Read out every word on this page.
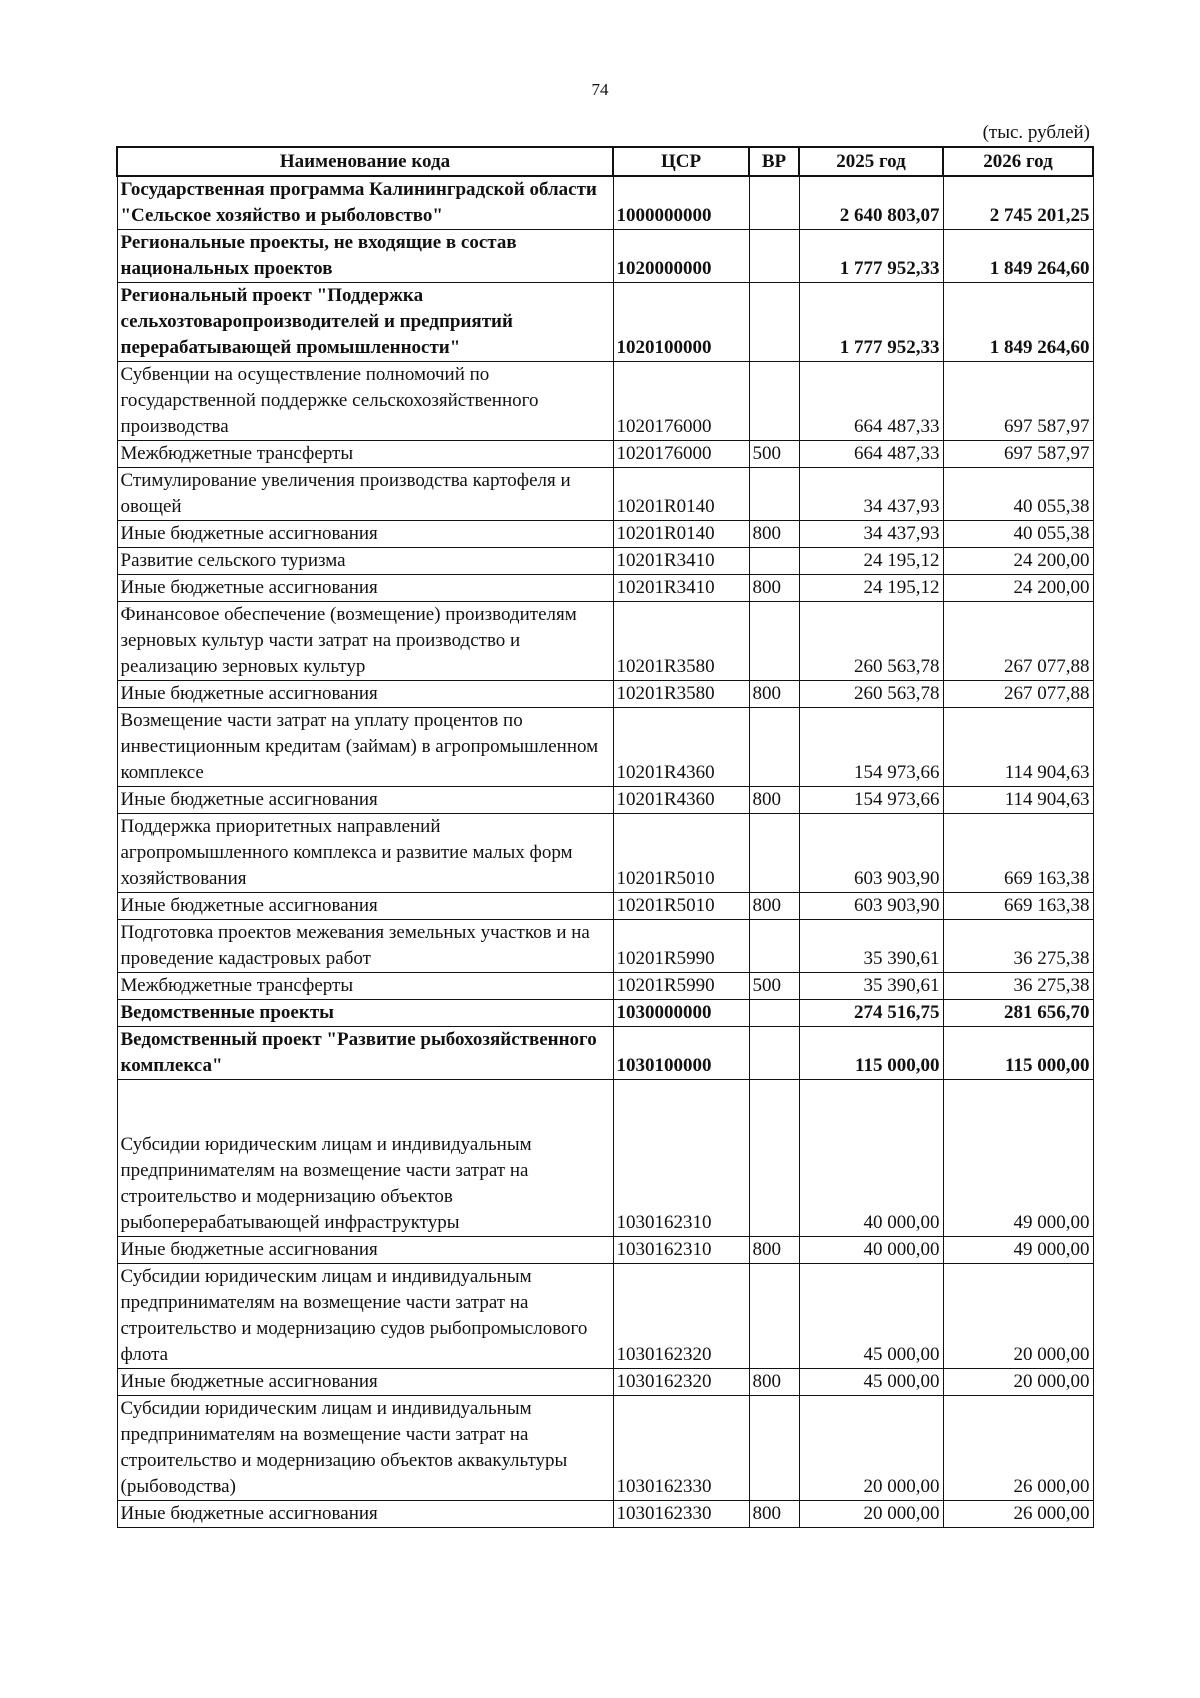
74
(тыс. рублей)
Наименование кода	ЦСР	ВР	2025 год	2026 год
Государственная программа Калининградской области "Сельское хозяйство и рыболовство"	1000000000		2 640 803,07	2 745 201,25
Региональные проекты, не входящие в состав национальных проектов	1020000000		1 777 952,33	1 849 264,60
Региональный проект "Поддержка сельхозтоваропроизводителей и предприятий перерабатывающей промышленности"	1020100000		1 777 952,33	1 849 264,60
Субвенции на осуществление полномочий по государственной поддержке сельскохозяйственного производства	1020176000		664 487,33	697 587,97
Межбюджетные трансферты	1020176000	500	664 487,33	697 587,97
Стимулирование увеличения производства картофеля и овощей	10201R0140		34 437,93	40 055,38
Иные бюджетные ассигнования	10201R0140	800	34 437,93	40 055,38
Развитие сельского туризма	10201R3410		24 195,12	24 200,00
Иные бюджетные ассигнования	10201R3410	800	24 195,12	24 200,00
Финансовое обеспечение (возмещение) производителям зерновых культур части затрат на производство и реализацию зерновых культур	10201R3580		260 563,78	267 077,88
Иные бюджетные ассигнования	10201R3580	800	260 563,78	267 077,88
Возмещение части затрат на уплату процентов по инвестиционным кредитам (займам) в агропромышленном комплексе	10201R4360		154 973,66	114 904,63
Иные бюджетные ассигнования	10201R4360	800	154 973,66	114 904,63
Поддержка приоритетных направлений агропромышленного комплекса и развитие малых форм хозяйствования	10201R5010		603 903,90	669 163,38
Иные бюджетные ассигнования	10201R5010	800	603 903,90	669 163,38
Подготовка проектов межевания земельных участков и на проведение кадастровых работ	10201R5990		35 390,61	36 275,38
Межбюджетные трансферты	10201R5990	500	35 390,61	36 275,38
Ведомственные проекты	1030000000		274 516,75	281 656,70
Ведомственный проект "Развитие рыбохозяйственного комплекса"	1030100000		115 000,00	115 000,00
Субсидии юридическим лицам и индивидуальным предпринимателям на возмещение части затрат на строительство и модернизацию объектов рыбоперерабатывающей инфраструктуры	1030162310		40 000,00	49 000,00
Иные бюджетные ассигнования	1030162310	800	40 000,00	49 000,00
Субсидии юридическим лицам и индивидуальным предпринимателям на возмещение части затрат на строительство и модернизацию судов рыбопромыслового флота	1030162320		45 000,00	20 000,00
Иные бюджетные ассигнования	1030162320	800	45 000,00	20 000,00
Субсидии юридическим лицам и индивидуальным предпринимателям на возмещение части затрат на строительство и модернизацию объектов аквакультуры (рыбоводства)	1030162330		20 000,00	26 000,00
Иные бюджетные ассигнования	1030162330	800	20 000,00	26 000,00
